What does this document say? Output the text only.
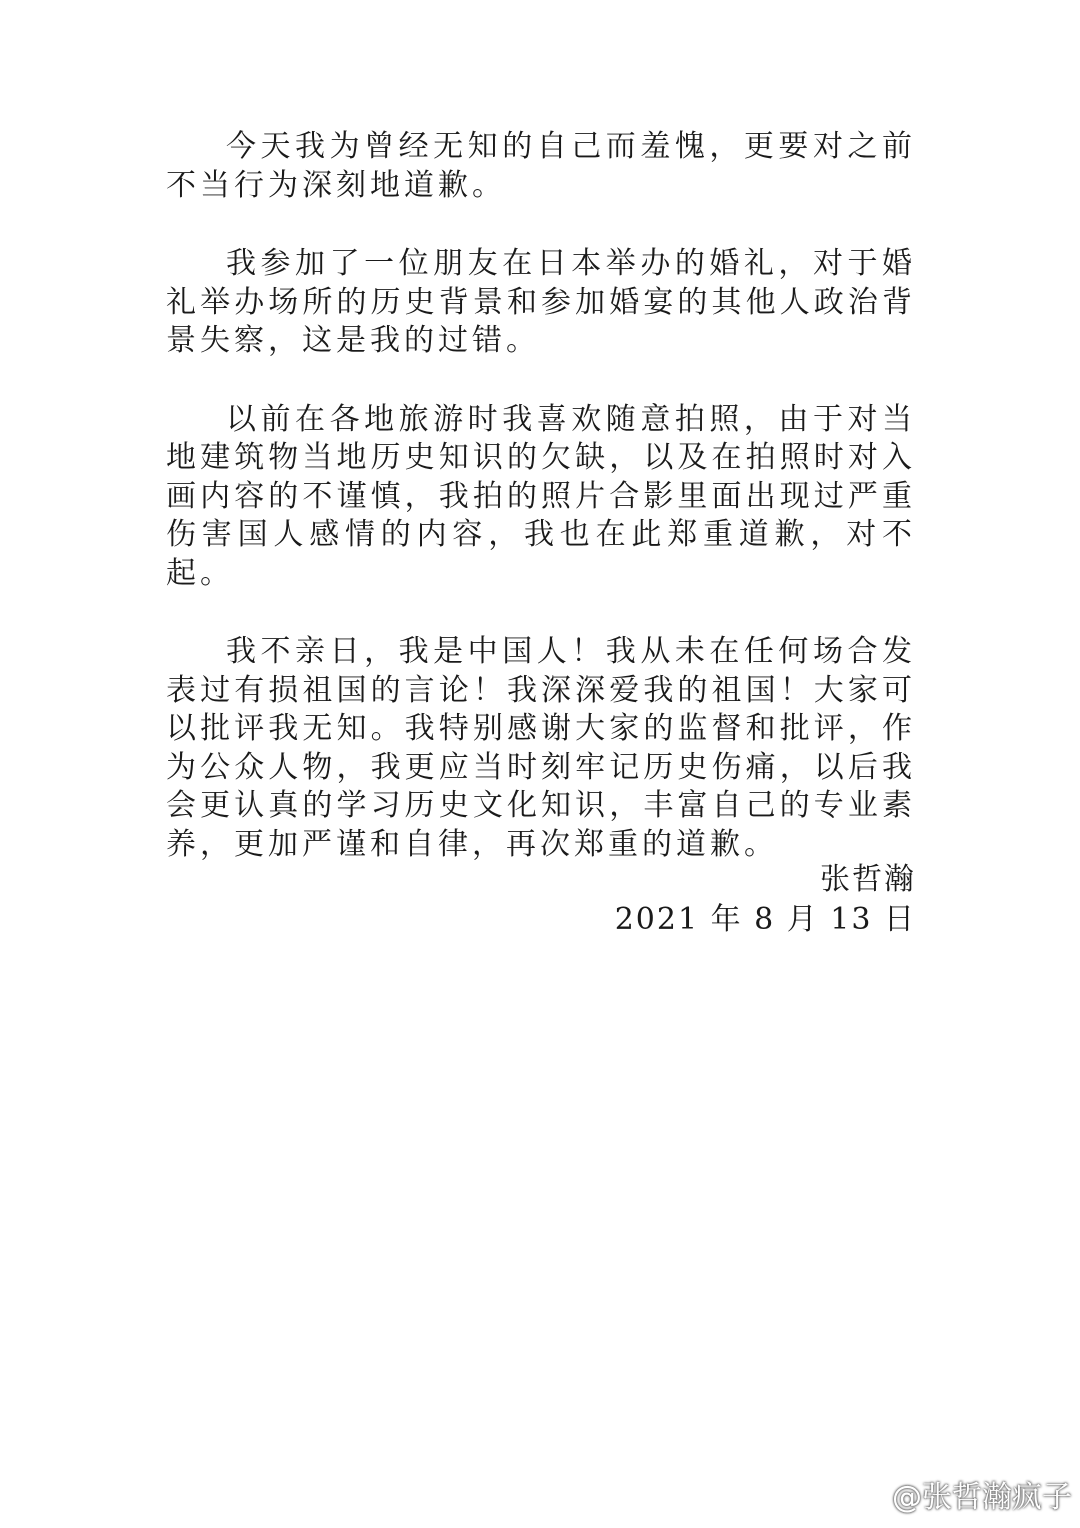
今天我为曾经无知的自己而羞愧，更要对之前不当行为深刻地道歉。

我参加了一位朋友在日本举办的婚礼，对于婚礼举办场所的历史背景和参加婚宴的其他人政治背景失察，这是我的过错。

以前在各地旅游时我喜欢随意拍照，由于对当地建筑物当地历史知识的欠缺，以及在拍照时对入画内容的不谨慎，我拍的照片合影里面出现过严重伤害国人感情的内容，我也在此郑重道歉，对不起。

我不亲日，我是中国人！我从未在任何场合发表过有损祖国的言论！我深深爱我的祖国！大家可以批评我无知。我特别感谢大家的监督和批评，作为公众人物，我更应当时刻牢记历史伤痛，以后我会更认真的学习历史文化知识，丰富自己的专业素养，更加严谨和自律，再次郑重的道歉。

张哲瀚
2021 年 8 月 13 日
@张哲瀚疯子
